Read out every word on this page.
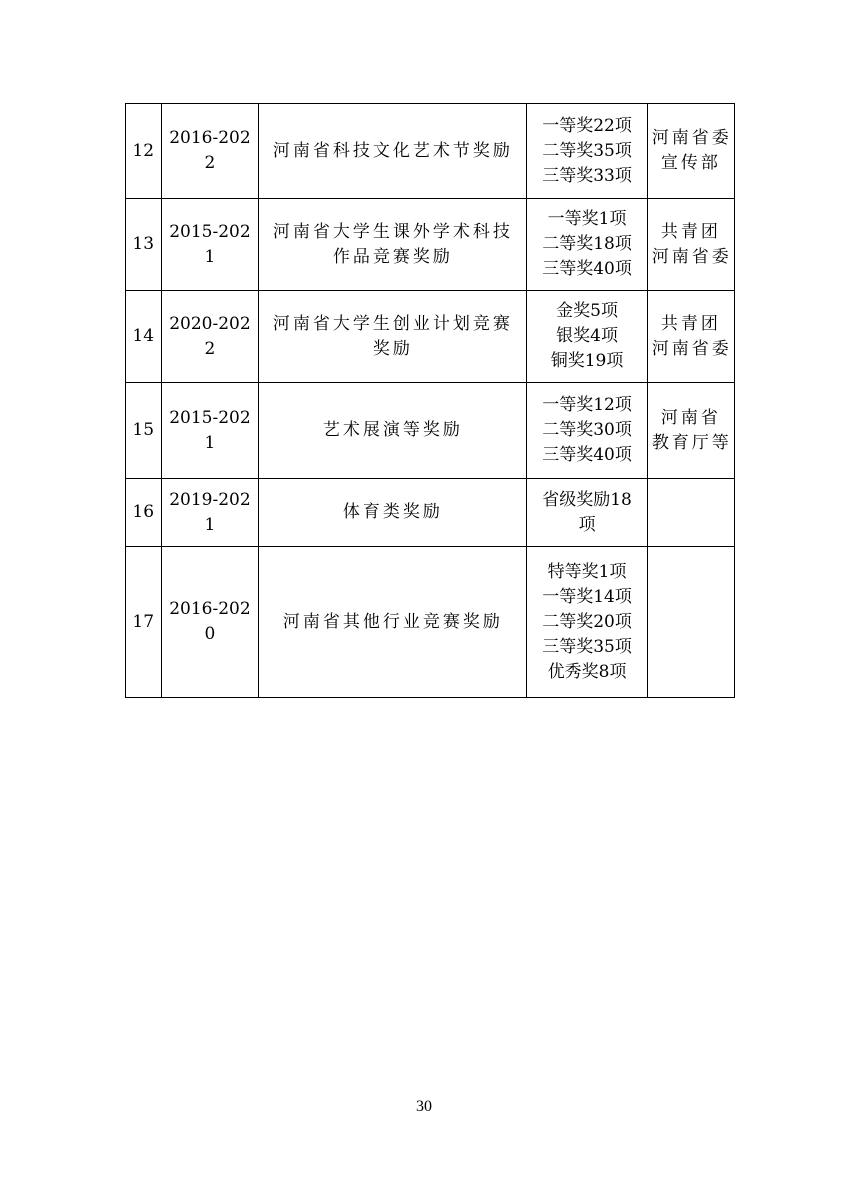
12	2016-2022	河南省科技文化艺术节奖励	一等奖22项
二等奖35项
三等奖33项	河南省委
宣传部

13	2015-2021	河南省大学生课外学术科技
作品竞赛奖励	一等奖1项
二等奖18项
三等奖40项	共青团
河南省委

14	2020-2022	河南省大学生创业计划竞赛
奖励	金奖5项
银奖4项
铜奖19项	共青团
河南省委

15	2015-2021	艺术展演等奖励	一等奖12项
二等奖30项
三等奖40项	河南省
教育厅等

16	2019-2021	体育类奖励	省级奖励18
项	

17	2016-2020	河南省其他行业竞赛奖励	特等奖1项
一等奖14项
二等奖20项
三等奖35项
优秀奖8项	

30
